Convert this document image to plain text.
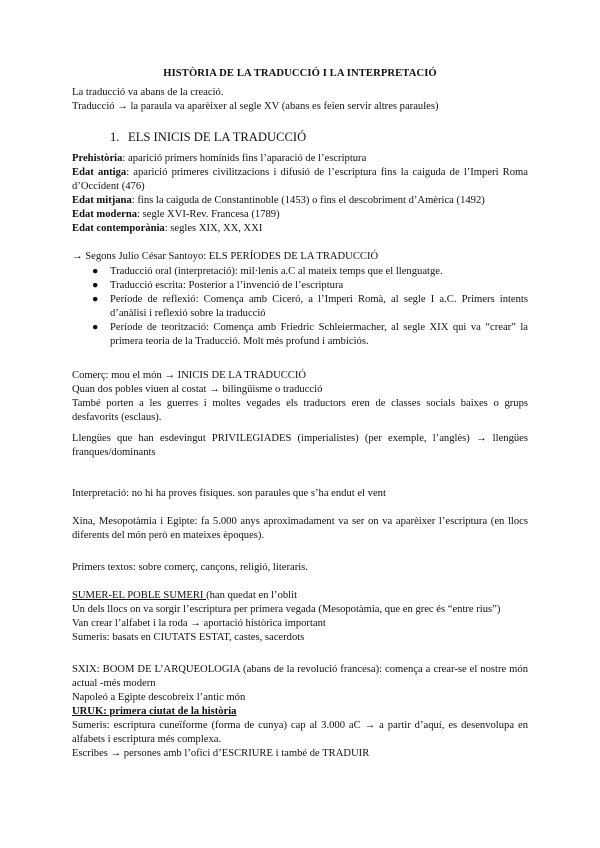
HISTÒRIA DE LA TRADUCCIÓ I LA INTERPRETACIÓ
La traducció va abans de la creació.
Traducció → la paraula va aparèixer al segle XV (abans es feien servir altres paraules)
1. ELS INICIS DE LA TRADUCCIÓ
Prehistòria: aparició primers homínids fins l’aparació de l’escriptura
Edat antiga: aparició primeres civilitzacions i difusió de l’escriptura fins la caiguda de l’Imperi Roma d’Occident (476)
Edat mitjana: fins la caiguda de Constantinoble (1453) o fins el descobriment d’Amèrica (1492)
Edat moderna: segle XVI-Rev. Francesa (1789)
Edat contemporània: segles XIX, XX, XXI
→ Segons Julio César Santoyo: ELS PERÍODES DE LA TRADUCCIÓ
● Traducció oral (interpretació): mil·lenis a.C al mateix temps que el llenguatge.
● Traducció escrita: Posterior a l’invenció de l’escriptura
● Període de reflexió: Comença amb Ciceró, a l’Imperi Romà, al segle I a.C. Primers intents d’anàlisi i reflexió sobre la traducció
● Període de teorització: Comença amb Friedric Schleiermacher, al segle XIX qui va “crear” la primera teoria de la Traducció. Molt més profund i ambiciós.
Comerç: mou el món → INICIS DE LA TRADUCCIÓ
Quan dos pobles viuen al costat → bilingüisme o traducció
També porten a les guerres i moltes vegades els traductors eren de classes socials baixes o grups desfavorits (esclaus).
Llengües que han esdevingut PRIVILEGIADES (imperialistes) (per exemple, l’anglès) → llengües franques/dominants
Interpretació: no hi ha proves físiques. son paraules que s’ha endut el vent
Xina, Mesopotàmia i Egipte: fa 5.000 anys aproximadament va ser on va aparèixer l’escriptura (en llocs diferents del món però en mateixes èpoques).
Primers textos: sobre comerç, cançons, religió, literaris.
SUMER-EL POBLE SUMERI (han quedat en l’oblit
Un dels llocs on va sorgir l’escriptura per primera vegada (Mesopotàmia, que en grec és “entre rius”)
Van crear l’alfabet i la roda → aportació històrica important
Sumeris: basats en CIUTATS ESTAT, castes, sacerdots
SXIX: BOOM DE L’ARQUEOLOGIA (abans de la revolució francesa): comença a crear-se el nostre món actual -més modern
Napoleó a Egipte descobreix l’antic món
URUK: primera ciutat de la història
Sumeris: escriptura cuneïforme (forma de cunya) cap al 3.000 aC → a partir d’aquí, es desenvolupa en alfabets i escriptura més complexa.
Escribes → persones amb l’ofici d’ESCRIURE i també de TRADUIR
